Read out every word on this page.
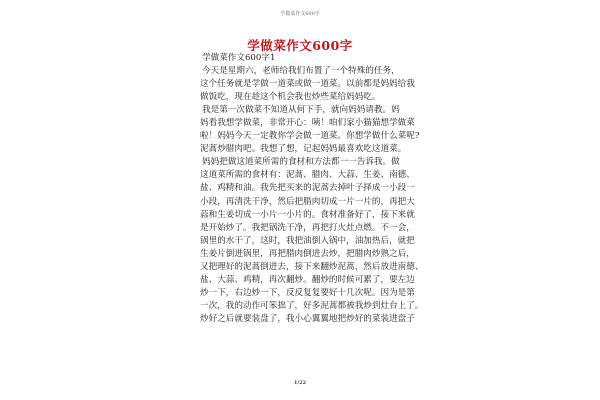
学做菜作文600字
学做菜作文600字
学做菜作文600字1
今天是星期六，老师给我们布置了一个特殊的任务，
这个任务就是学做一道菜或做一道菜。以前都是妈妈给我
做饭吃，现在趁这个机会我也炒些菜给妈妈吃。
我是第一次做菜不知道从何下手，就向妈妈请教。妈
妈看我想学做菜，非常开心：咦！咱们家小猫猫想学做菜
啦！妈妈今天一定教你学会做一道菜。你想学做什么菜呢?
泥蒿炒腊肉吧。我想了想，记起妈妈最喜欢吃这道菜。
妈妈把做这道菜所需的食材和方法都一一告诉我。做
这道菜所需的食材有：泥蒿、腊肉、大蒜、生姜、南德、
盐、鸡精和油。我先把买来的泥蒿去掉叶子择成一小段一
小段，再清洗干净，然后把腊肉切成一片一片的，再把大
蒜和生姜切成一小片一小片的。食材准备好了，接下来就
是开始炒了。我把锅洗干净，再把打火灶点燃。不一会，
锅里的水干了，这时，我把油倒入锅中，油加热后，就把
生姜片倒进锅里，再把腊肉倒进去炒，把腊肉炒熟之后，
又把理好的泥蒿倒进去，接下来翻炒泥蒿，然后放进南德、
盐、大蒜、鸡精，再次翻炒。翻炒的时候可累了，要左边
炒一下，右边炒一下，反反复复要好十几次呢。因为是第
一次，我的动作可笨拙了，好多泥蒿都被我炒到灶台上了。
炒好之后就要装盘了，我小心翼翼地把炒好的菜装进盘子
1/22
